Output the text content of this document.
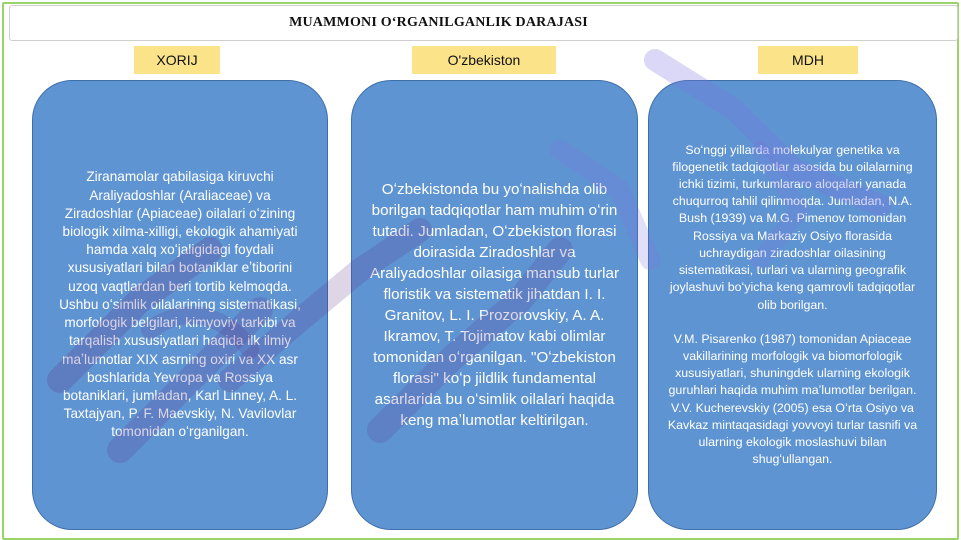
MUAMMONI O‘RGANILGANLIK DARAJASI
XORIJ	O'zbekiston	MDH

Ziranamolar qabilasiga kiruvchi Araliyadoshlar (Araliaceae) va Ziradoshlar (Apiaceae) oilalari oʻzining biologik xilma-xilligi, ekologik ahamiyati hamda xalq xoʻjaligidagi foydali xususiyatlari bilan botaniklar eʼtiborini uzoq vaqtlardan beri tortib kelmoqda. Ushbu oʻsimlik oilalarining sistematikasi, morfologik belgilari, kimyoviy tarkibi va tarqalish xususiyatlari haqida ilk ilmiy maʼlumotlar XIX asrning oxiri va XX asr boshlarida Yevropa va Rossiya botaniklari, jumladan, Karl Linney, A. L. Taxtajyan, P. F. Maevskiy, N. Vavilovlar tomonidan oʻrganilgan.

Oʻzbekistonda bu yoʻnalishda olib borilgan tadqiqotlar ham muhim oʻrin tutadi. Jumladan, Oʻzbekiston florasi doirasida Ziradoshlar va Araliyadoshlar oilasiga mansub turlar floristik va sistematik jihatdan I. I. Granitov, L. I. Prozorovskiy, A. A. Ikramov, T. Tojimatov kabi olimlar tomonidan oʻrganilgan. "Oʻzbekiston florasi" koʻp jildlik fundamental asarlarida bu oʻsimlik oilalari haqida keng maʼlumotlar keltirilgan.

Soʻnggi yillarda molekulyar genetika va filogenetik tadqiqotlar asosida bu oilalarning ichki tizimi, turkumlararo aloqalari yanada chuqurroq tahlil qilinmoqda. Jumladan, N.A. Bush (1939) va M.G. Pimenov tomonidan Rossiya va Markaziy Osiyo florasida uchraydigan ziradoshlar oilasining sistematikasi, turlari va ularning geografik joylashuvi boʻyicha keng qamrovli tadqiqotlar olib borilgan.

V.M. Pisarenko (1987) tomonidan Apiaceae vakillarining morfologik va biomorfologik xususiyatlari, shuningdek ularning ekologik guruhlari haqida muhim maʼlumotlar berilgan. V.V. Kucherevskiy (2005) esa Oʻrta Osiyo va Kavkaz mintaqasidagi yovvoyi turlar tasnifi va ularning ekologik moslashuvi bilan shugʻullangan.
